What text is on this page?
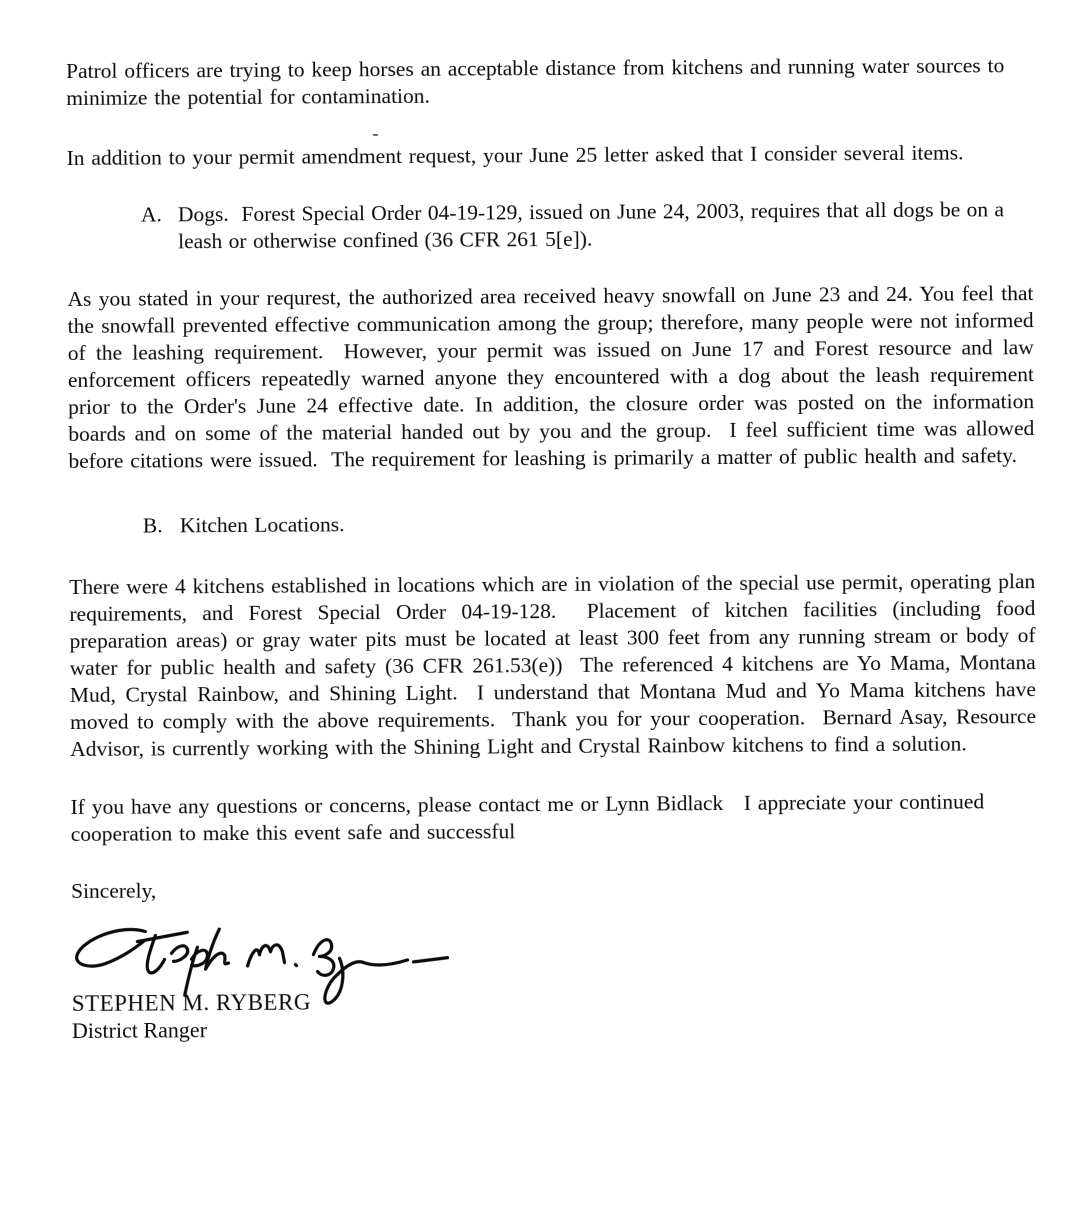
-

Patrol officers are trying to keep horses an acceptable distance from kitchens and running water sources to minimize the potential for contamination.

In addition to your permit amendment request, your June 25 letter asked that I consider several items.

A. Dogs.  Forest Special Order 04-19-129, issued on June 24, 2003, requires that all dogs be on a leash or otherwise confined (36 CFR 261 5[e]).

As you stated in your requrest, the authorized area received heavy snowfall on June 23 and 24. You feel that the snowfall prevented effective communication among the group; therefore, many people were not informed of the leashing requirement.  However, your permit was issued on June 17 and Forest resource and law enforcement officers repeatedly warned anyone they encountered with a dog about the leash requirement prior to the Order's June 24 effective date. In addition, the closure order was posted on the information boards and on some of the material handed out by you and the group.  I feel sufficient time was allowed before citations were issued.  The requirement for leashing is primarily a matter of public health and safety.

B. Kitchen Locations.

There were 4 kitchens established in locations which are in violation of the special use permit, operating plan requirements, and Forest Special Order 04-19-128.  Placement of kitchen facilities (including food preparation areas) or gray water pits must be located at least 300 feet from any running stream or body of water for public health and safety (36 CFR 261.53(e))  The referenced 4 kitchens are Yo Mama, Montana Mud, Crystal Rainbow, and Shining Light.  I understand that Montana Mud and Yo Mama kitchens have moved to comply with the above requirements.  Thank you for your cooperation.  Bernard Asay, Resource Advisor, is currently working with the Shining Light and Crystal Rainbow kitchens to find a solution.

If you have any questions or concerns, please contact me or Lynn Bidlack   I appreciate your continued cooperation to make this event safe and successful

Sincerely,

STEPHEN M. RYBERG
District Ranger
